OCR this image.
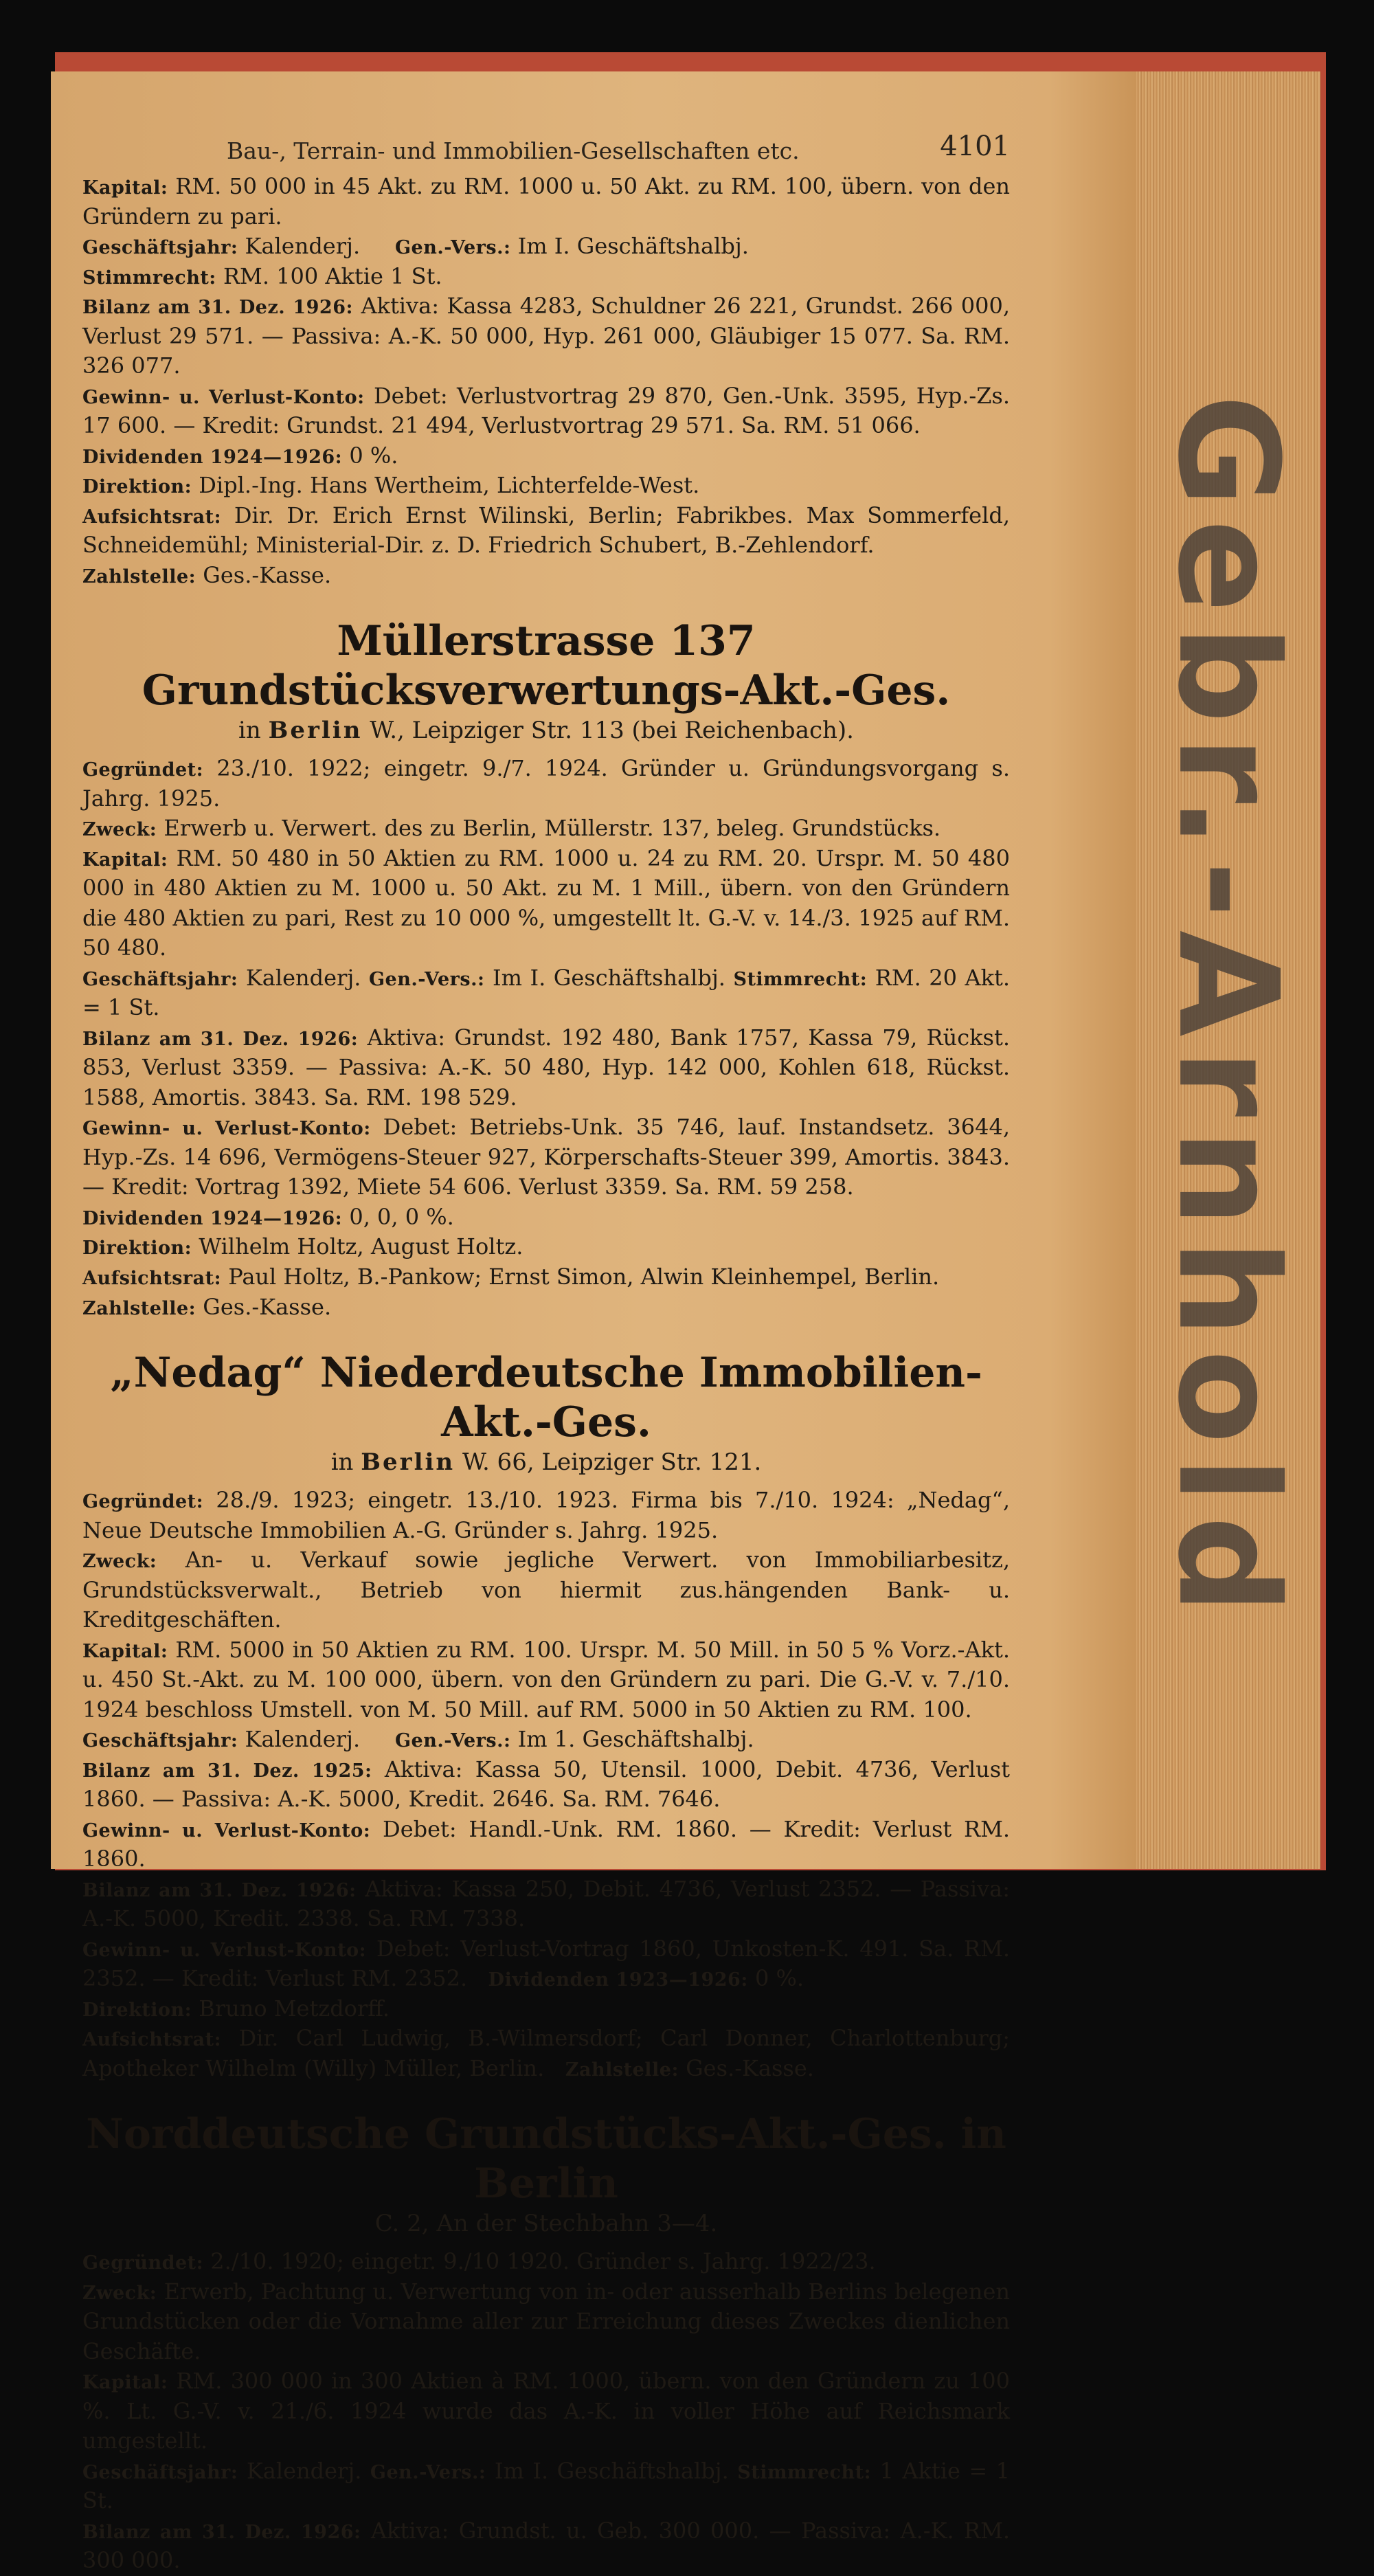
Gebr.-Arnhold
Bau-, Terrain- und Immobilien-Gesellschaften etc.	4101

Kapital: RM. 50 000 in 45 Akt. zu RM. 1000 u. 50 Akt. zu RM. 100, übern. von den Gründern zu pari.

Geschäftsjahr: Kalenderj. Gen.-Vers.: Im I. Geschäftshalbj.

Stimmrecht: RM. 100 Aktie 1 St.

Bilanz am 31. Dez. 1926: Aktiva: Kassa 4283, Schuldner 26 221, Grundst. 266 000, Verlust 29 571. — Passiva: A.-K. 50 000, Hyp. 261 000, Gläubiger 15 077. Sa. RM. 326 077.

Gewinn- u. Verlust-Konto: Debet: Verlustvortrag 29 870, Gen.-Unk. 3595, Hyp.-Zs. 17 600. — Kredit: Grundst. 21 494, Verlustvortrag 29 571. Sa. RM. 51 066.

Dividenden 1924—1926: 0 %.

Direktion: Dipl.-Ing. Hans Wertheim, Lichterfelde-West.

Aufsichtsrat: Dir. Dr. Erich Ernst Wilinski, Berlin; Fabrikbes. Max Sommerfeld, Schneidemühl; Ministerial-Dir. z. D. Friedrich Schubert, B.-Zehlendorf.

Zahlstelle: Ges.-Kasse.

Müllerstrasse 137 Grundstücksverwertungs-Akt.-Ges.
in Berlin W., Leipziger Str. 113 (bei Reichenbach).

Gegründet: 23./10. 1922; eingetr. 9./7. 1924. Gründer u. Gründungsvorgang s. Jahrg. 1925.

Zweck: Erwerb u. Verwert. des zu Berlin, Müllerstr. 137, beleg. Grundstücks.

Kapital: RM. 50 480 in 50 Aktien zu RM. 1000 u. 24 zu RM. 20. Urspr. M. 50 480 000 in 480 Aktien zu M. 1000 u. 50 Akt. zu M. 1 Mill., übern. von den Gründern die 480 Aktien zu pari, Rest zu 10 000 %, umgestellt lt. G.-V. v. 14./3. 1925 auf RM. 50 480.

Geschäftsjahr: Kalenderj. Gen.-Vers.: Im I. Geschäftshalbj. Stimmrecht: RM. 20 Akt. = 1 St.

Bilanz am 31. Dez. 1926: Aktiva: Grundst. 192 480, Bank 1757, Kassa 79, Rückst. 853, Verlust 3359. — Passiva: A.-K. 50 480, Hyp. 142 000, Kohlen 618, Rückst. 1588, Amortis. 3843. Sa. RM. 198 529.

Gewinn- u. Verlust-Konto: Debet: Betriebs-Unk. 35 746, lauf. Instandsetz. 3644, Hyp.-Zs. 14 696, Vermögens-Steuer 927, Körperschafts-Steuer 399, Amortis. 3843. — Kredit: Vortrag 1392, Miete 54 606. Verlust 3359. Sa. RM. 59 258.

Dividenden 1924—1926: 0, 0, 0 %.

Direktion: Wilhelm Holtz, August Holtz.

Aufsichtsrat: Paul Holtz, B.-Pankow; Ernst Simon, Alwin Kleinhempel, Berlin.

Zahlstelle: Ges.-Kasse.

„Nedag“ Niederdeutsche Immobilien-Akt.-Ges.
in Berlin W. 66, Leipziger Str. 121.

Gegründet: 28./9. 1923; eingetr. 13./10. 1923. Firma bis 7./10. 1924: „Nedag“, Neue Deutsche Immobilien A.-G. Gründer s. Jahrg. 1925.

Zweck: An- u. Verkauf sowie jegliche Verwert. von Immobiliarbesitz, Grundstücksverwalt., Betrieb von hiermit zus.hängenden Bank- u. Kreditgeschäften.

Kapital: RM. 5000 in 50 Aktien zu RM. 100. Urspr. M. 50 Mill. in 50 5 % Vorz.-Akt. u. 450 St.-Akt. zu M. 100 000, übern. von den Gründern zu pari. Die G.-V. v. 7./10. 1924 beschloss Umstell. von M. 50 Mill. auf RM. 5000 in 50 Aktien zu RM. 100.

Geschäftsjahr: Kalenderj. Gen.-Vers.: Im 1. Geschäftshalbj.

Bilanz am 31. Dez. 1925: Aktiva: Kassa 50, Utensil. 1000, Debit. 4736, Verlust 1860. — Passiva: A.-K. 5000, Kredit. 2646. Sa. RM. 7646.

Gewinn- u. Verlust-Konto: Debet: Handl.-Unk. RM. 1860. — Kredit: Verlust RM. 1860.

Bilanz am 31. Dez. 1926: Aktiva: Kassa 250, Debit. 4736, Verlust 2352. — Passiva: A.-K. 5000, Kredit. 2338. Sa. RM. 7338.

Gewinn- u. Verlust-Konto: Debet: Verlust-Vortrag 1860, Unkosten-K. 491. Sa. RM. 2352. — Kredit: Verlust RM. 2352. Dividenden 1923—1926: 0 %.

Direktion: Bruno Metzdorff.

Aufsichtsrat: Dir. Carl Ludwig, B.-Wilmersdorf; Carl Donner, Charlottenburg; Apotheker Wilhelm (Willy) Müller, Berlin. Zahlstelle: Ges.-Kasse.

Norddeutsche Grundstücks-Akt.-Ges. in Berlin
C. 2, An der Stechbahn 3—4.

Gegründet: 2./10. 1920; eingetr. 9./10 1920. Gründer s. Jahrg. 1922/23.

Zweck: Erwerb, Pachtung u. Verwertung von in- oder ausserhalb Berlins belegenen Grundstücken oder die Vornahme aller zur Erreichung dieses Zweckes dienlichen Geschäfte.

Kapital: RM. 300 000 in 300 Aktien à RM. 1000, übern. von den Gründern zu 100 %. Lt. G.-V. v. 21./6. 1924 wurde das A.-K. in voller Höhe auf Reichsmark umgestellt.

Geschäftsjahr: Kalenderj. Gen.-Vers.: Im I. Geschäftshalbj. Stimmrecht: 1 Aktie = 1 St.

Bilanz am 31. Dez. 1926: Aktiva: Grundst. u. Geb. 300 000. — Passiva: A.-K. RM. 300 000.
